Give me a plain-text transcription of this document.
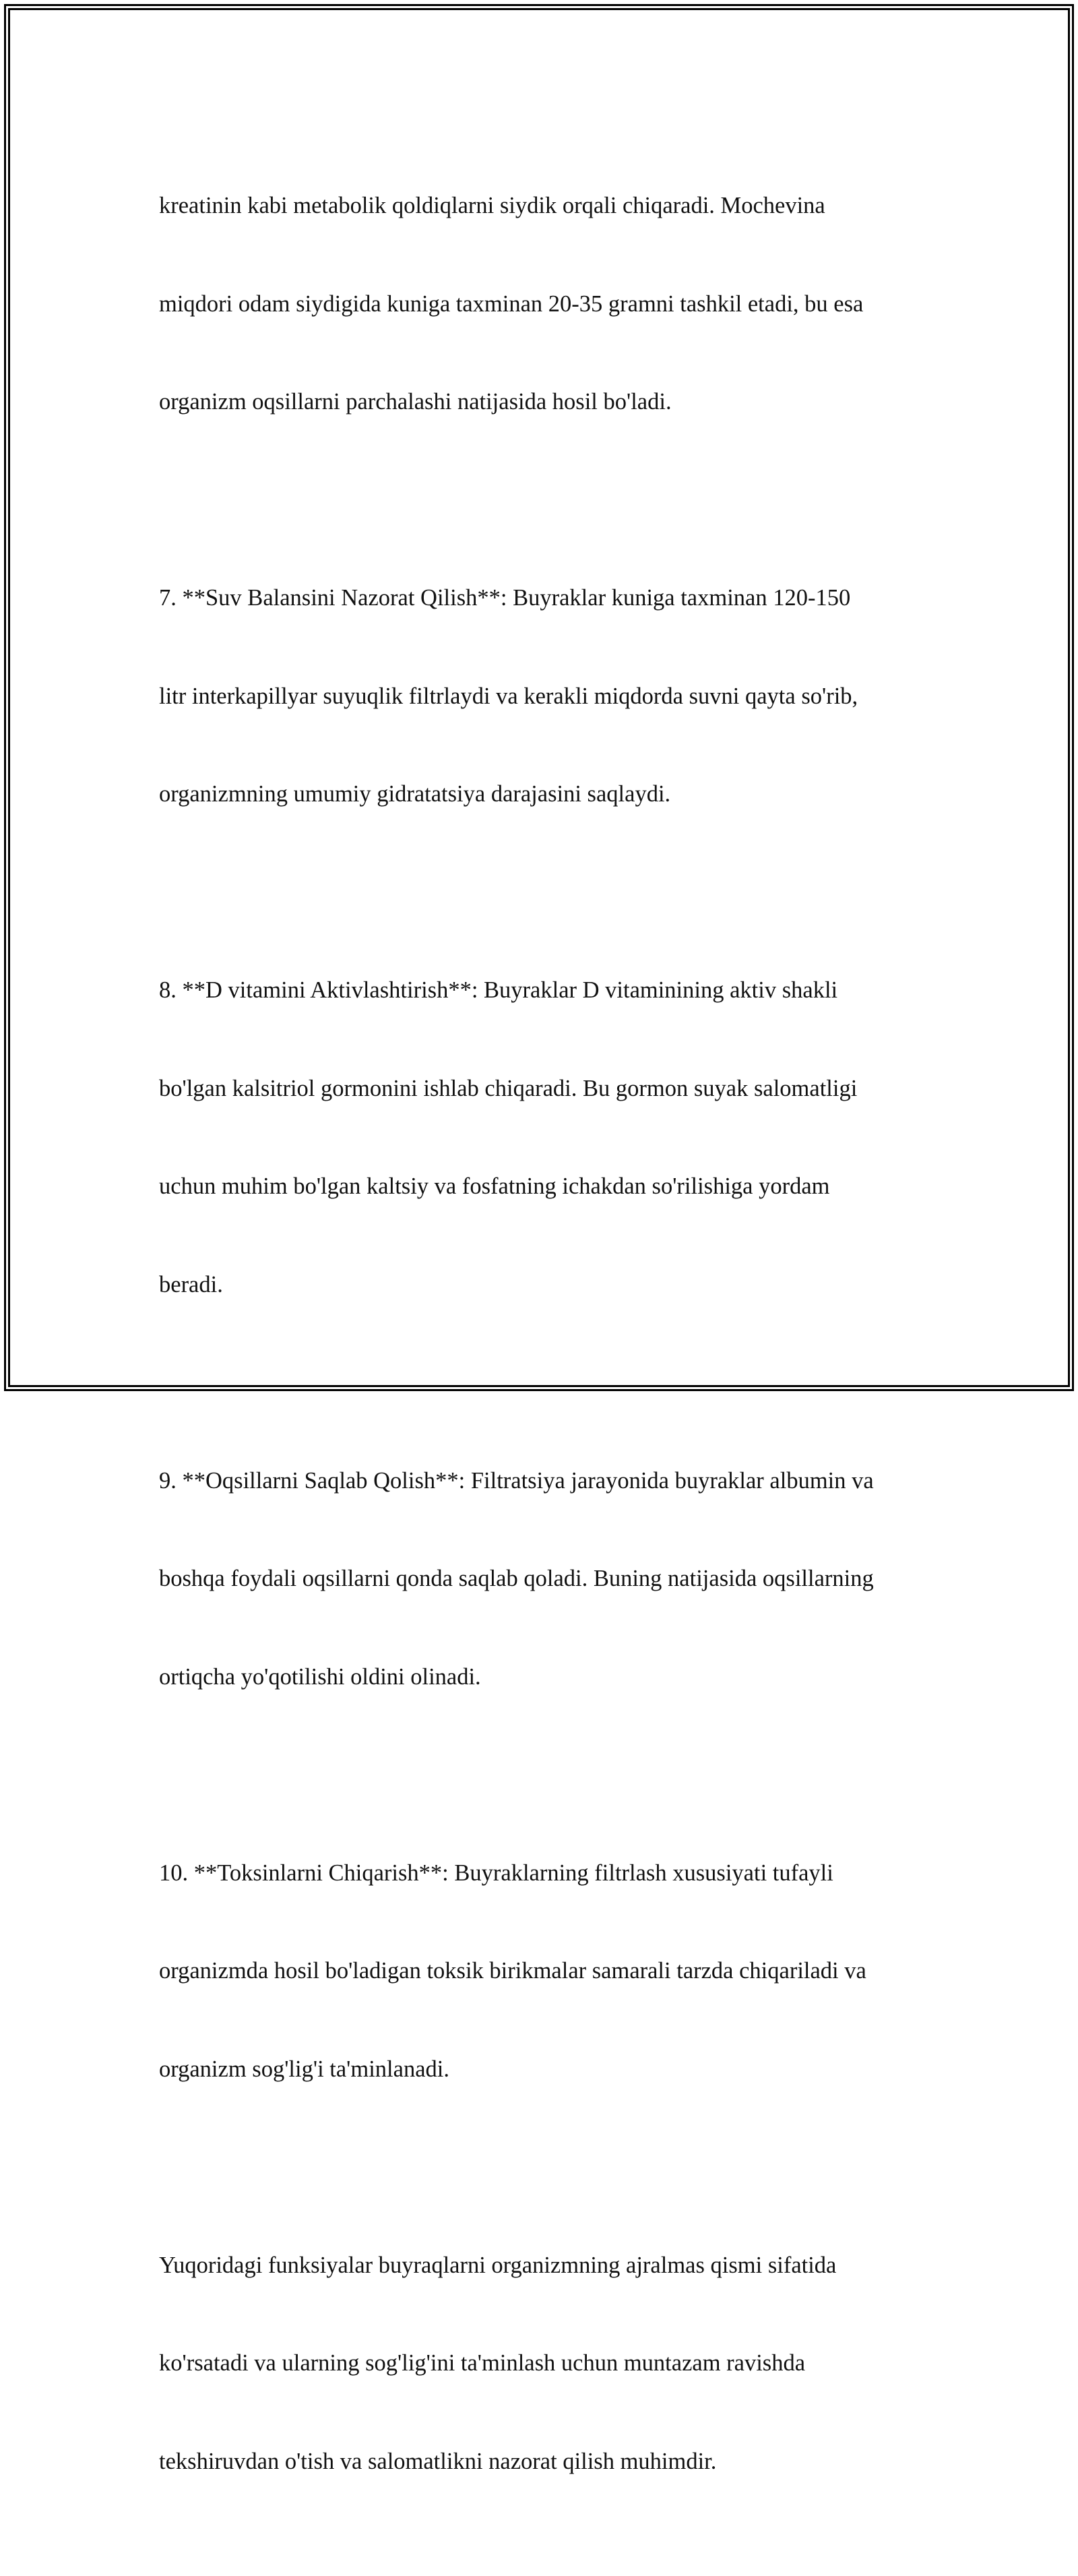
kreatinin kabi metabolik qoldiqlarni siydik orqali chiqaradi. Mochevina

miqdori odam siydigida kuniga taxminan 20-35 gramni tashkil etadi, bu esa

organizm oqsillarni parchalashi natijasida hosil bo'ladi.

7. **Suv Balansini Nazorat Qilish**: Buyraklar kuniga taxminan 120-150

litr interkapillyar suyuqlik filtrlaydi va kerakli miqdorda suvni qayta so'rib,

organizmning umumiy gidratatsiya darajasini saqlaydi.

8. **D vitamini Aktivlashtirish**: Buyraklar D vitaminining aktiv shakli

bo'lgan kalsitriol gormonini ishlab chiqaradi. Bu gormon suyak salomatligi

uchun muhim bo'lgan kaltsiy va fosfatning ichakdan so'rilishiga yordam

beradi.

9. **Oqsillarni Saqlab Qolish**: Filtratsiya jarayonida buyraklar albumin va

boshqa foydali oqsillarni qonda saqlab qoladi. Buning natijasida oqsillarning

ortiqcha yo'qotilishi oldini olinadi.

10. **Toksinlarni Chiqarish**: Buyraklarning filtrlash xususiyati tufayli

organizmda hosil bo'ladigan toksik birikmalar samarali tarzda chiqariladi va

organizm sog'lig'i ta'minlanadi.

Yuqoridagi funksiyalar buyraqlarni organizmning ajralmas qismi sifatida

ko'rsatadi va ularning sog'lig'ini ta'minlash uchun muntazam ravishda

tekshiruvdan o'tish va salomatlikni nazorat qilish muhimdir.
